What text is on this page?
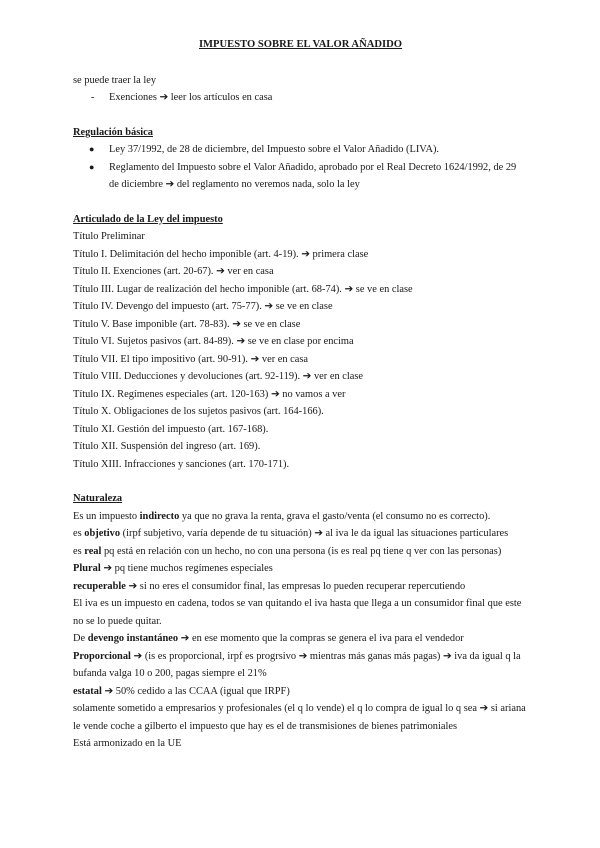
IMPUESTO SOBRE EL VALOR AÑADIDO

se puede traer la ley

- Exenciones ➔ leer los artículos en casa

Regulación básica

● Ley 37/1992, de 28 de diciembre, del Impuesto sobre el Valor Añadido (LIVA).
● Reglamento del Impuesto sobre el Valor Añadido, aprobado por el Real Decreto 1624/1992, de 29 de diciembre ➔ del reglamento no veremos nada, solo la ley

Articulado de la Ley del impuesto

Título Preliminar

Título I. Delimitación del hecho imponible (art. 4-19). ➔ primera clase

Título II. Exenciones (art. 20-67). ➔ ver en casa

Título III. Lugar de realización del hecho imponible (art. 68-74). ➔ se ve en clase

Título IV. Devengo del impuesto (art. 75-77). ➔ se ve en clase

Título V. Base imponible (art. 78-83). ➔ se ve en clase

Título VI. Sujetos pasivos (art. 84-89). ➔ se ve en clase por encima

Título VII. El tipo impositivo (art. 90-91). ➔ ver en casa

Título VIII. Deducciones y devoluciones (art. 92-119). ➔ ver en clase

Título IX. Regímenes especiales (art. 120-163) ➔ no vamos a ver

Título X. Obligaciones de los sujetos pasivos (art. 164-166).

Título XI. Gestión del impuesto (art. 167-168).

Título XII. Suspensión del ingreso (art. 169).

Título XIII. Infracciones y sanciones (art. 170-171).

Naturaleza

Es un impuesto indirecto ya que no grava la renta, grava el gasto/venta (el consumo no es correcto).

es objetivo (irpf subjetivo, varía depende de tu situación) ➔ al iva le da igual las situaciones particulares

es real pq está en relación con un hecho, no con una persona (is es real pq tiene q ver con las personas)

Plural ➔ pq tiene muchos regímenes especiales

recuperable ➔ si no eres el consumidor final, las empresas lo pueden recuperar repercutiendo

El iva es un impuesto en cadena, todos se van quitando el iva hasta que llega a un consumidor final que este no se lo puede quitar.

De devengo instantáneo ➔ en ese momento que la compras se genera el iva para el vendedor

Proporcional ➔ (is es proporcional, irpf es progrsivo ➔ mientras más ganas más pagas) ➔ iva da igual q la bufanda valga 10 o 200, pagas siempre el 21%

estatal ➔ 50% cedido a las CCAA (igual que IRPF)

solamente sometido a empresarios y profesionales (el q lo vende) el q lo compra de igual lo q sea ➔ si ariana le vende coche a gilberto el impuesto que hay es el de transmisiones de bienes patrimoniales

Está armonizado en la UE
